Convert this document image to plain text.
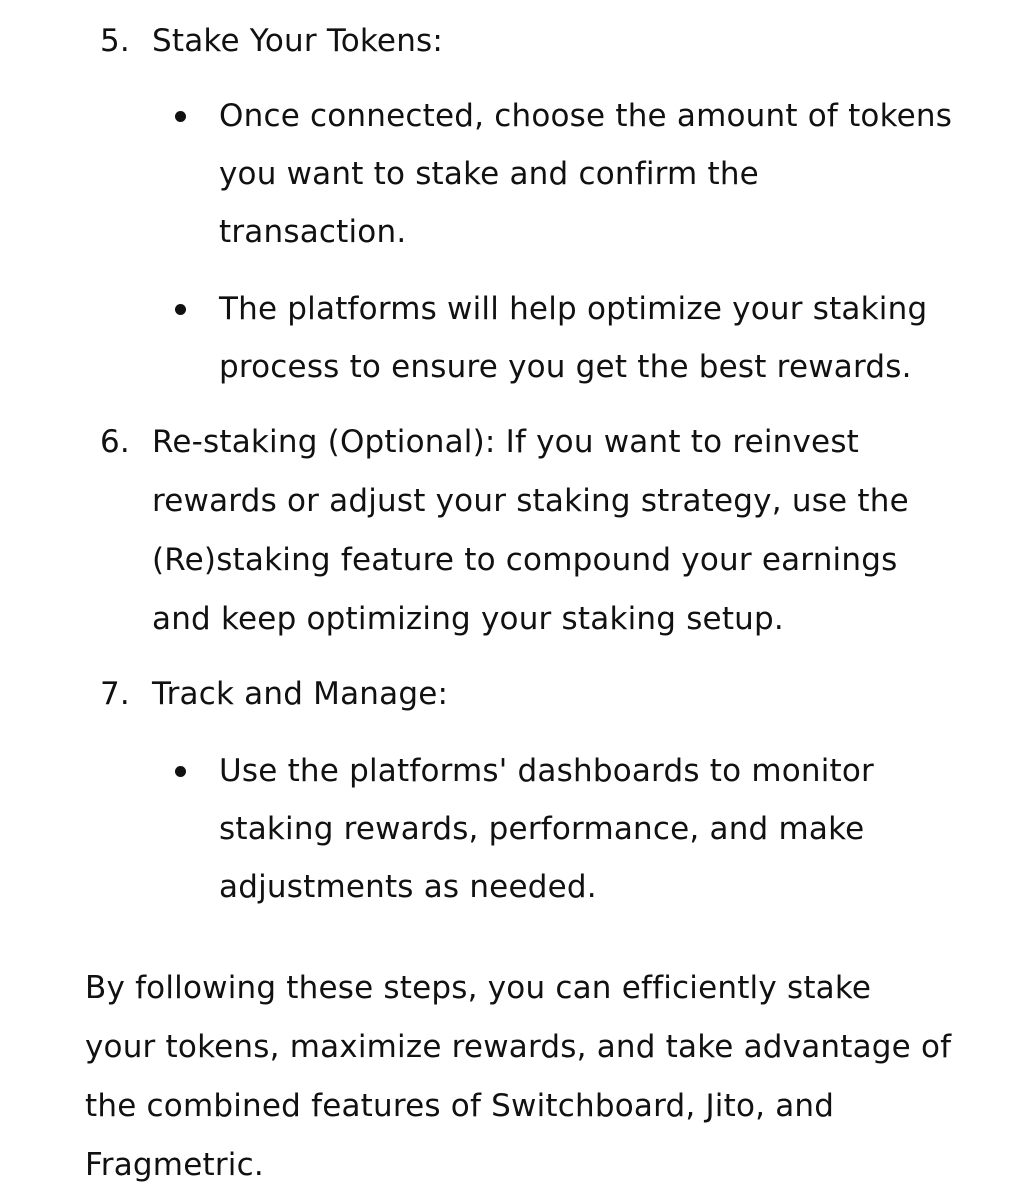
5. Stake Your Tokens:
Once connected, choose the amount of tokens
you want to stake and confirm the
transaction.
The platforms will help optimize your staking
process to ensure you get the best rewards.
6. Re-staking (Optional): If you want to reinvest
rewards or adjust your staking strategy, use the
(Re)staking feature to compound your earnings
and keep optimizing your staking setup.
7. Track and Manage:
Use the platforms' dashboards to monitor
staking rewards, performance, and make
adjustments as needed.
By following these steps, you can efficiently stake
your tokens, maximize rewards, and take advantage of
the combined features of Switchboard, Jito, and
Fragmetric.
